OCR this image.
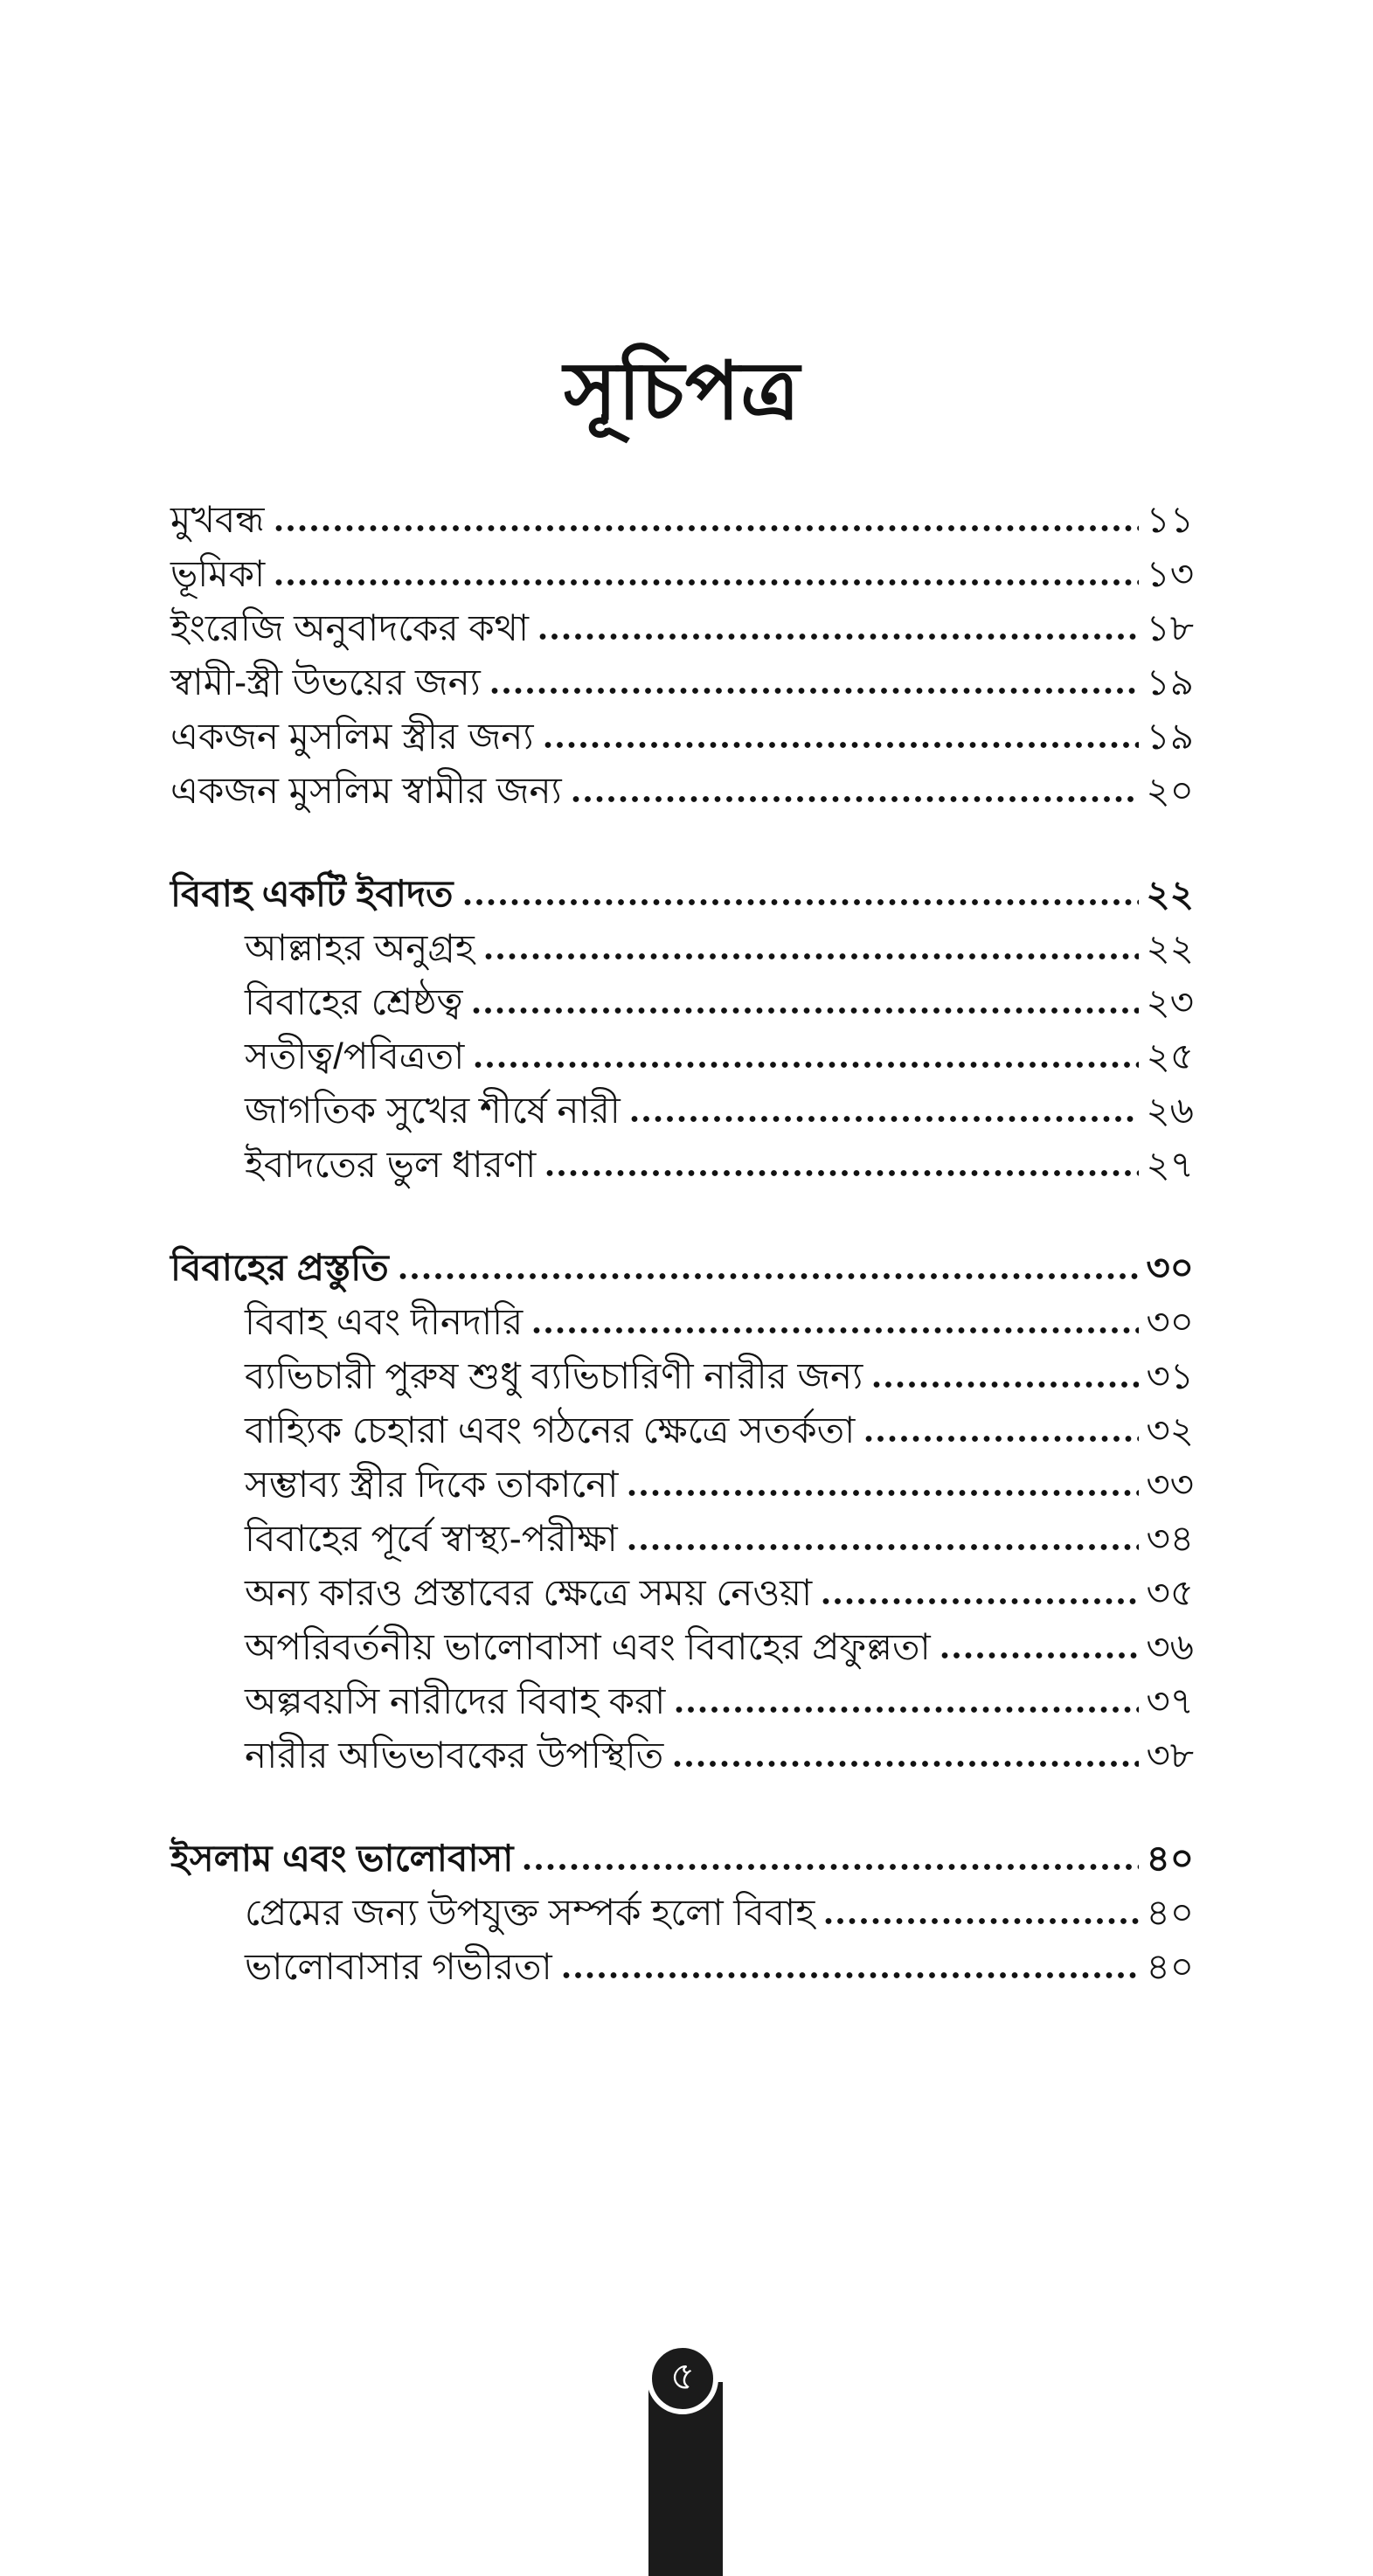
সূচিপত্র
মুখবন্ধ	১১
ভূমিকা	১৩
ইংরেজি অনুবাদকের কথা	১৮
স্বামী-স্ত্রী উভয়ের জন্য	১৯
একজন মুসলিম স্ত্রীর জন্য	১৯
একজন মুসলিম স্বামীর জন্য	২০
বিবাহ একটি ইবাদত	২২
আল্লাহর অনুগ্রহ	২২
বিবাহের শ্রেষ্ঠত্ব	২৩
সতীত্ব/পবিত্রতা	২৫
জাগতিক সুখের শীর্ষে নারী	২৬
ইবাদতের ভুল ধারণা	২৭
বিবাহের প্রস্তুতি	৩০
বিবাহ এবং দীনদারি	৩০
ব্যভিচারী পুরুষ শুধু ব্যভিচারিণী নারীর জন্য	৩১
বাহ্যিক চেহারা এবং গঠনের ক্ষেত্রে সতর্কতা	৩২
সম্ভাব্য স্ত্রীর দিকে তাকানো	৩৩
বিবাহের পূর্বে স্বাস্থ্য-পরীক্ষা	৩৪
অন্য কারও প্রস্তাবের ক্ষেত্রে সময় নেওয়া	৩৫
অপরিবর্তনীয় ভালোবাসা এবং বিবাহের প্রফুল্লতা	৩৬
অল্পবয়সি নারীদের বিবাহ করা	৩৭
নারীর অভিভাবকের উপস্থিতি	৩৮
ইসলাম এবং ভালোবাসা	৪০
প্রেমের জন্য উপযুক্ত সম্পর্ক হলো বিবাহ	৪০
ভালোবাসার গভীরতা	৪০
৫
